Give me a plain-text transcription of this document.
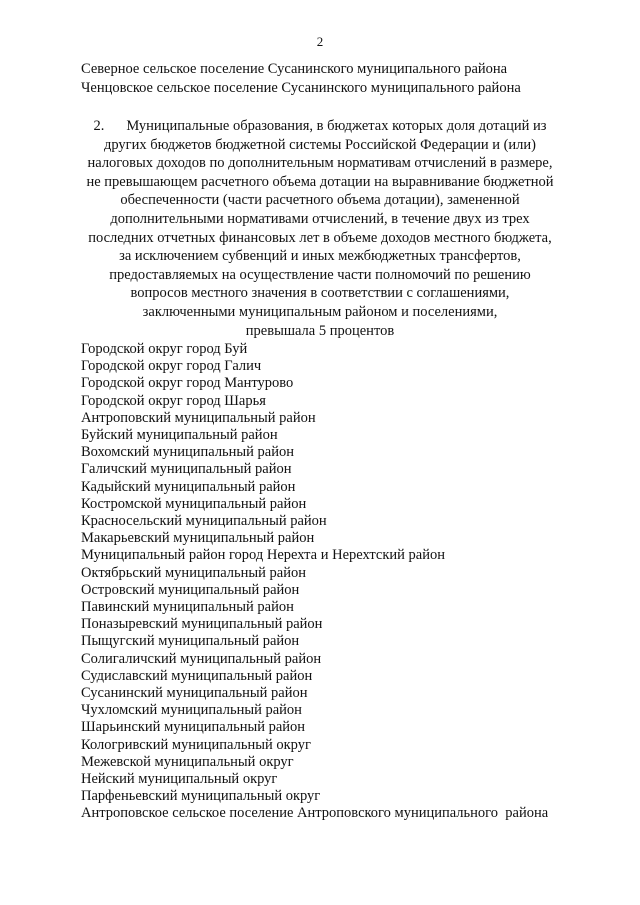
2
Северное сельское поселение Сусанинского муниципального района
Ченцовское сельское поселение Сусанинского муниципального района
2. Муниципальные образования, в бюджетах которых доля дотаций из
других бюджетов бюджетной системы Российской Федерации и (или)
налоговых доходов по дополнительным нормативам отчислений в размере,
не превышающем расчетного объема дотации на выравнивание бюджетной
обеспеченности (части расчетного объема дотации), замененной
дополнительными нормативами отчислений, в течение двух из трех
последних отчетных финансовых лет в объеме доходов местного бюджета,
за исключением субвенций и иных межбюджетных трансфертов,
предоставляемых на осуществление части полномочий по решению
вопросов местного значения в соответствии с соглашениями,
заключенными муниципальным районом и поселениями,
превышала 5 процентов
Городской округ город Буй
Городской округ город Галич
Городской округ город Мантурово
Городской округ город Шарья
Антроповский муниципальный район
Буйский муниципальный район
Вохомский муниципальный район
Галичский муниципальный район
Кадыйский муниципальный район
Костромской муниципальный район
Красносельский муниципальный район
Макарьевский муниципальный район
Муниципальный район город Нерехта и Нерехтский район
Октябрьский муниципальный район
Островский муниципальный район
Павинский муниципальный район
Поназыревский муниципальный район
Пыщугский муниципальный район
Солигаличский муниципальный район
Судиславский муниципальный район
Сусанинский муниципальный район
Чухломский муниципальный район
Шарьинский муниципальный район
Кологривский муниципальный округ
Межевской муниципальный округ
Нейский муниципальный округ
Парфеньевский муниципальный округ
Антроповское сельское поселение Антроповского муниципального  района
